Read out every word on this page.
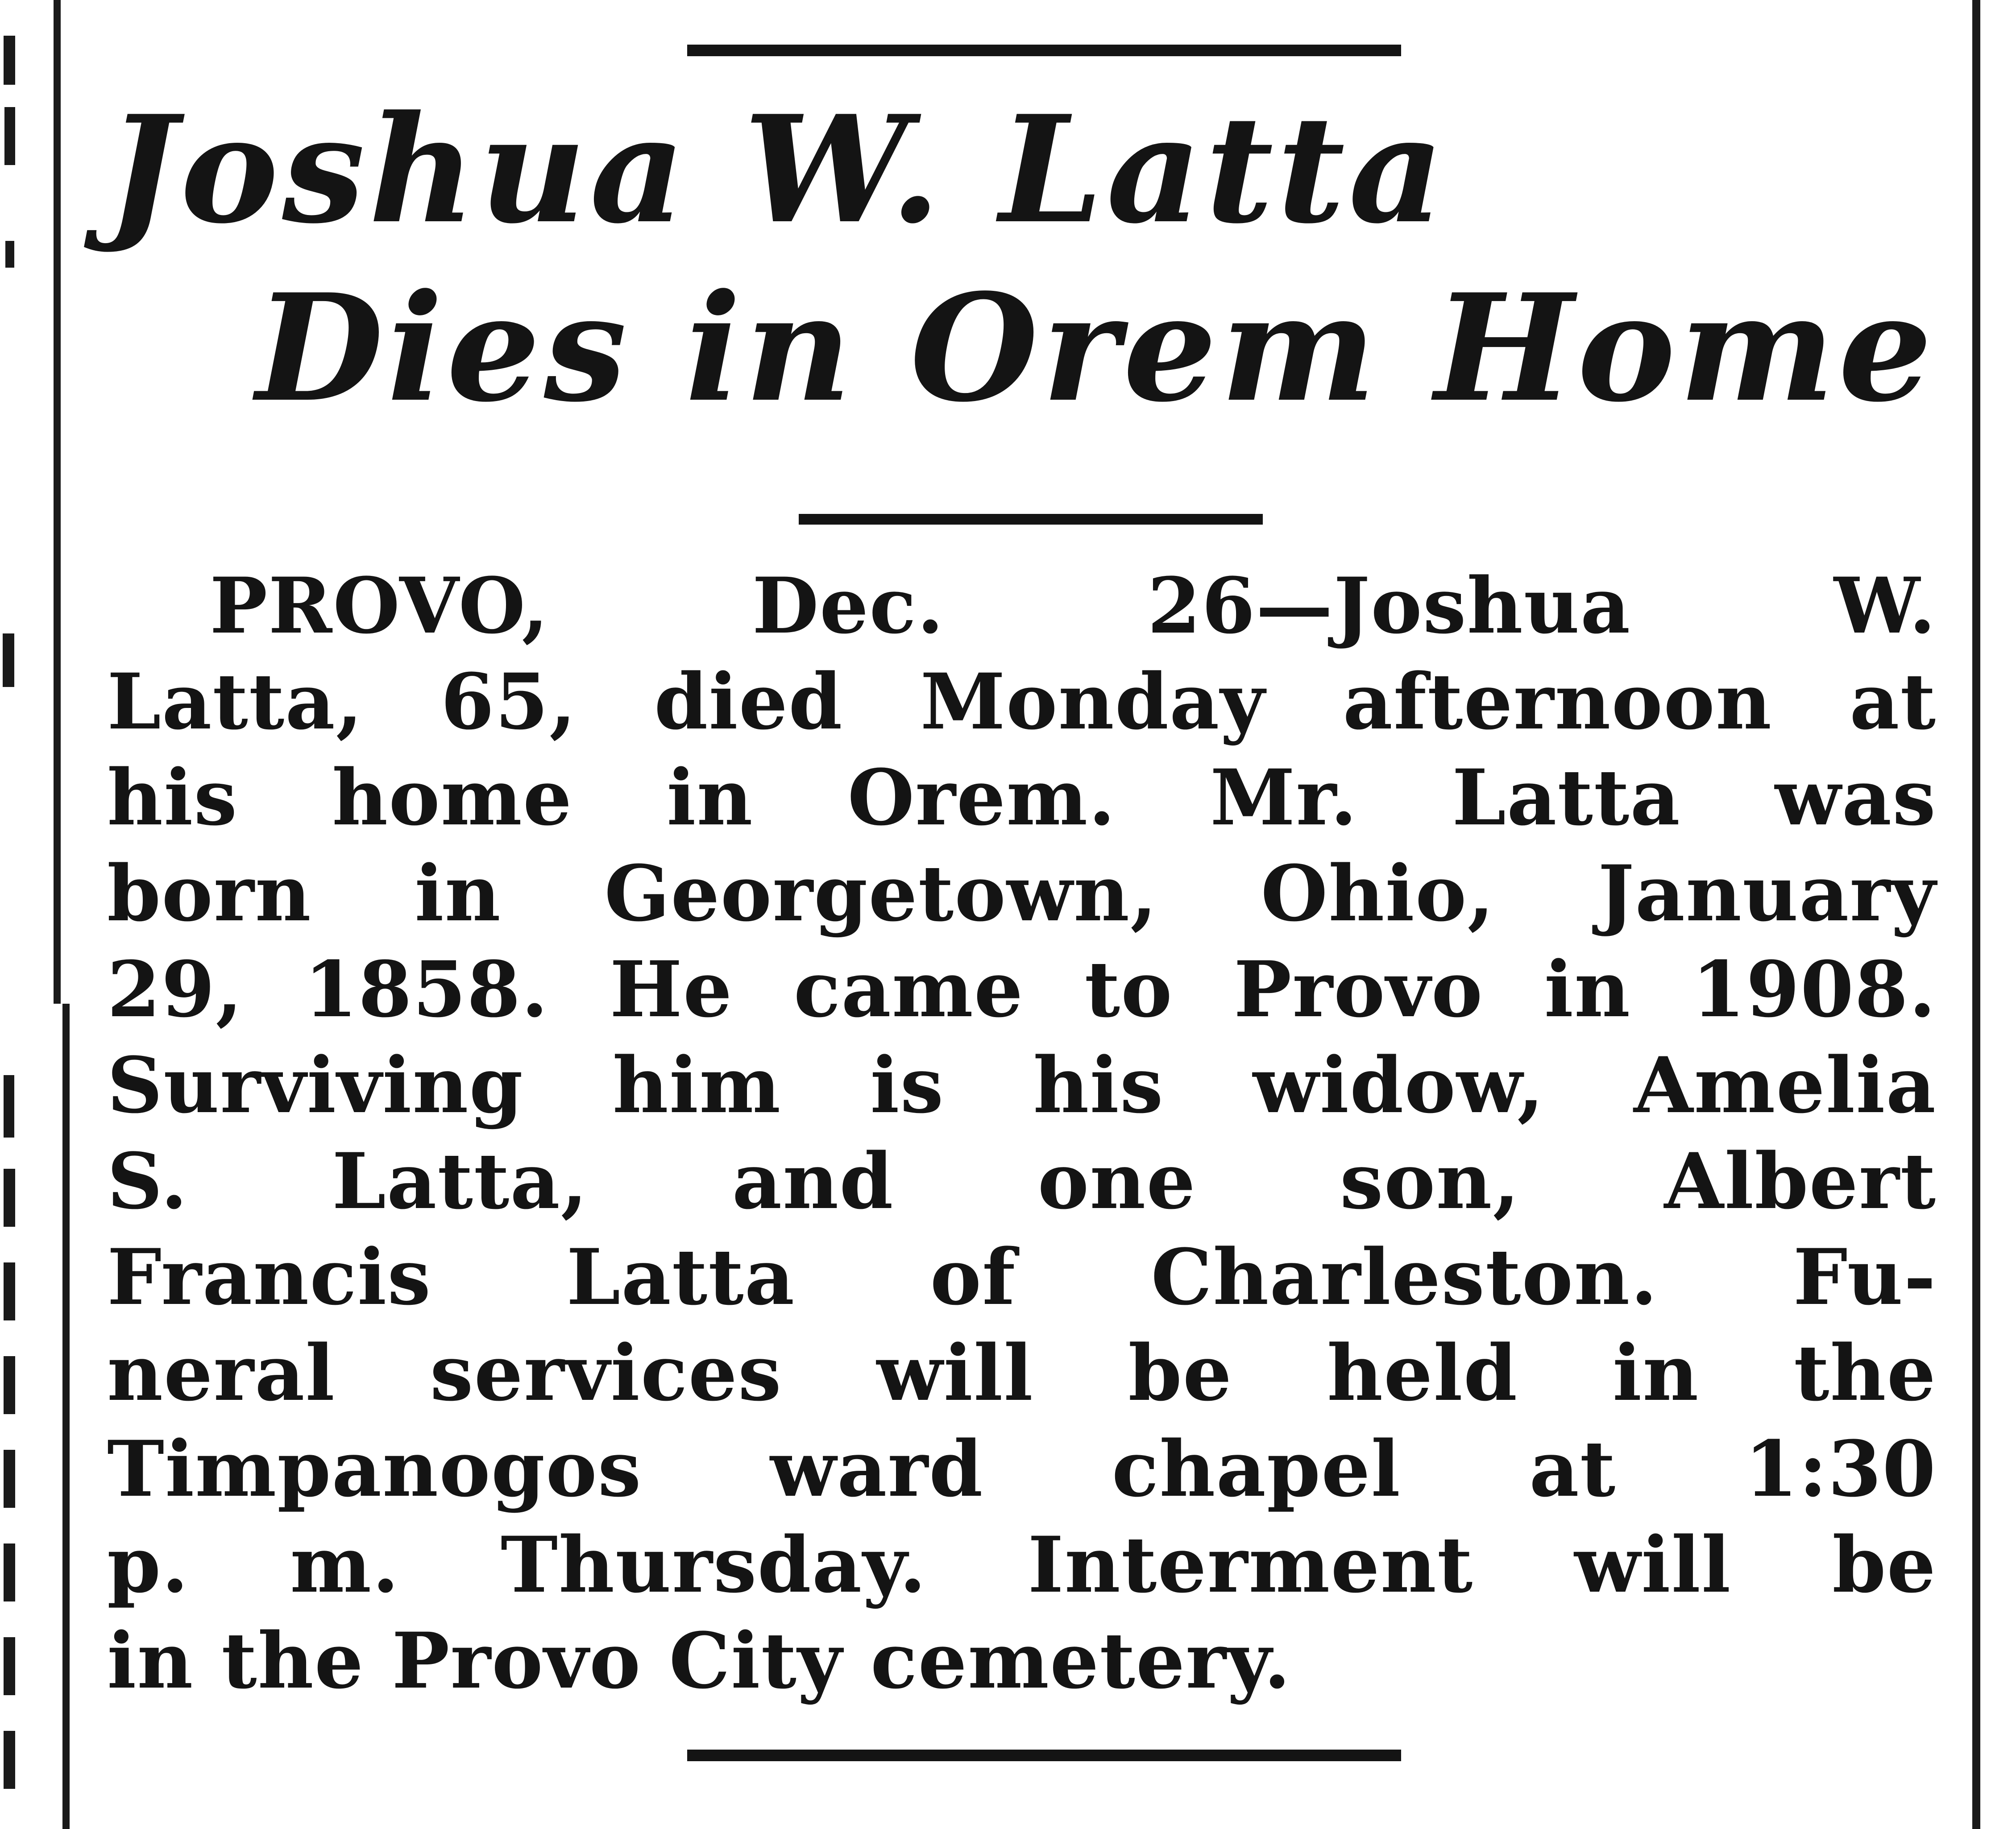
Joshua W. Latta
Dies in Orem Home
PROVO, Dec. 26—Joshua W.
Latta, 65, died Monday afternoon at
his home in Orem. Mr. Latta was
born in Georgetown, Ohio, January
29, 1858. He came to Provo in 1908.
Surviving him is his widow, Amelia
S. Latta, and one son, Albert
Francis Latta of Charleston. Fu-
neral services will be held in the
Timpanogos ward chapel at 1:30
p. m. Thursday. Interment will be
in the Provo City cemetery.
